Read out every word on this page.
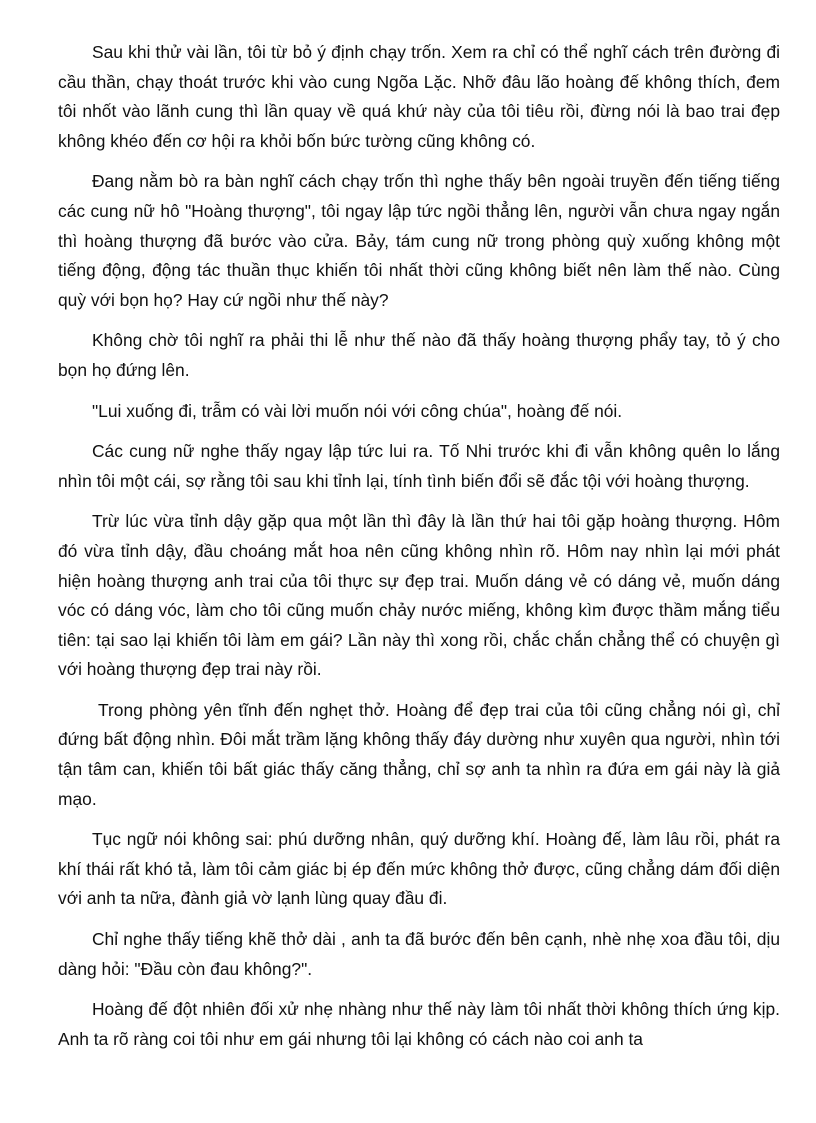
Sau khi thử vài lần, tôi từ bỏ ý định chạy trốn. Xem ra chỉ có thể nghĩ cách trên đường đi cầu thần, chạy thoát trước khi vào cung Ngõa Lặc. Nhỡ đâu lão hoàng đế không thích, đem tôi nhốt vào lãnh cung thì lần quay về quá khứ này của tôi tiêu rồi, đừng nói là bao trai đẹp không khéo đến cơ hội ra khỏi bốn bức tường cũng không có.

Đang nằm bò ra bàn nghĩ cách chạy trốn thì nghe thấy bên ngoài truyền đến tiếng tiếng các cung nữ hô "Hoàng thượng", tôi ngay lập tức ngồi thẳng lên, người vẫn chưa ngay ngắn thì hoàng thượng đã bước vào cửa. Bảy, tám cung nữ trong phòng quỳ xuống không một tiếng động, động tác thuần thục khiến tôi nhất thời cũng không biết nên làm thế nào. Cùng quỳ với bọn họ? Hay cứ ngồi như thế này?

Không chờ tôi nghĩ ra phải thi lễ như thế nào đã thấy hoàng thượng phẩy tay, tỏ ý cho bọn họ đứng lên.

"Lui xuống đi, trẫm có vài lời muốn nói với công chúa", hoàng đế nói.

Các cung nữ nghe thấy ngay lập tức lui ra. Tố Nhi trước khi đi vẫn không quên lo lắng nhìn tôi một cái, sợ rằng tôi sau khi tỉnh lại, tính tình biến đổi sẽ đắc tội với hoàng thượng.

Trừ lúc vừa tỉnh dậy gặp qua một lần thì đây là lần thứ hai tôi gặp hoàng thượng. Hôm đó vừa tỉnh dậy, đầu choáng mắt hoa nên cũng không nhìn rõ. Hôm nay nhìn lại mới phát hiện hoàng thượng anh trai của tôi thực sự đẹp trai. Muốn dáng vẻ có dáng vẻ, muốn dáng vóc có dáng vóc, làm cho tôi cũng muốn chảy nước miếng, không kìm được thầm mắng tiểu tiên: tại sao lại khiến tôi làm em gái? Lần này thì xong rồi, chắc chắn chẳng thể có chuyện gì với hoàng thượng đẹp trai này rồi.

Trong phòng yên tĩnh đến nghẹt thở. Hoàng để đẹp trai của tôi cũng chẳng nói gì, chỉ đứng bất động nhìn. Đôi mắt trầm lặng không thấy đáy dường như xuyên qua người, nhìn tới tận tâm can, khiến tôi bất giác thấy căng thẳng, chỉ sợ anh ta nhìn ra đứa em gái này là giả mạo.

Tục ngữ nói không sai: phú dưỡng nhân, quý dưỡng khí. Hoàng đế, làm lâu rồi, phát ra khí thái rất khó tả, làm tôi cảm giác bị ép đến mức không thở được, cũng chẳng dám đối diện với anh ta nữa, đành giả vờ lạnh lùng quay đầu đi.

Chỉ nghe thấy tiếng khẽ thở dài , anh ta đã bước đến bên cạnh, nhè nhẹ xoa đầu tôi, dịu dàng hỏi: "Đầu còn đau không?".

Hoàng đế đột nhiên đối xử nhẹ nhàng như thế này làm tôi nhất thời không thích ứng kịp. Anh ta rõ ràng coi tôi như em gái nhưng tôi lại không có cách nào coi anh ta
